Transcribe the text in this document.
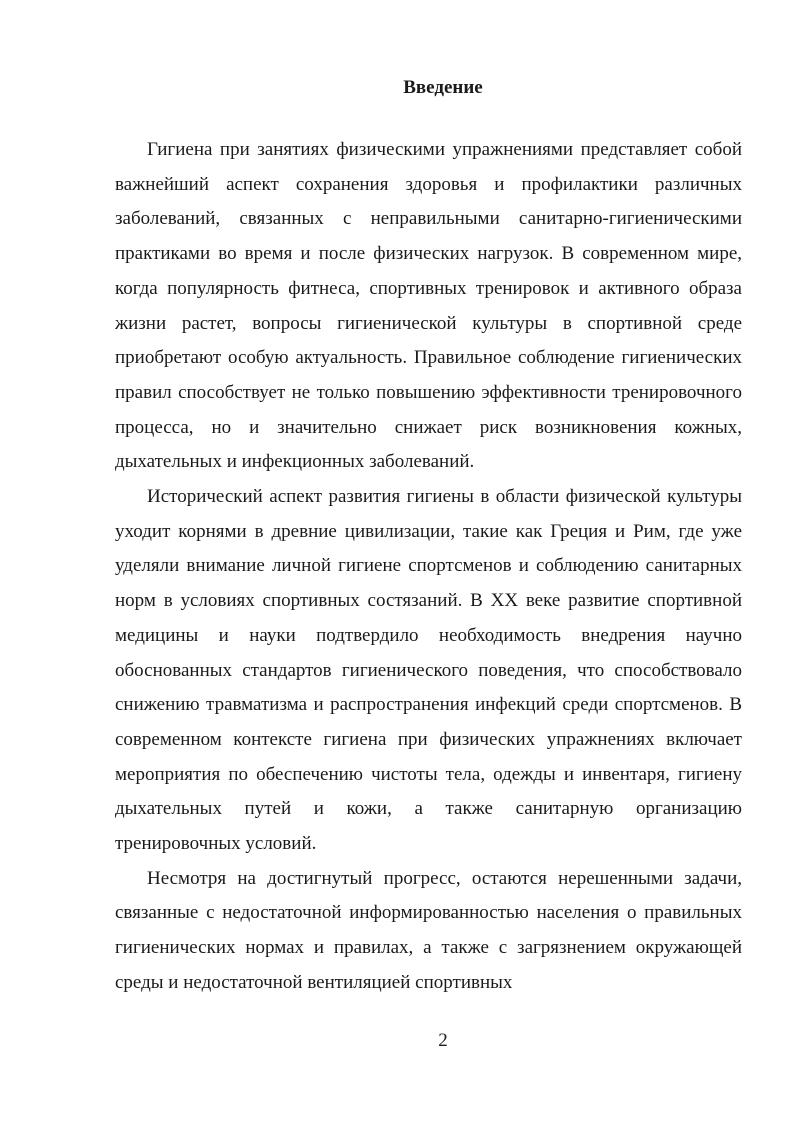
Введение

Гигиена при занятиях физическими упражнениями представляет собой важнейший аспект сохранения здоровья и профилактики различных заболеваний, связанных с неправильными санитарно-гигиеническими практиками во время и после физических нагрузок. В современном мире, когда популярность фитнеса, спортивных тренировок и активного образа жизни растет, вопросы гигиенической культуры в спортивной среде приобретают особую актуальность. Правильное соблюдение гигиенических правил способствует не только повышению эффективности тренировочного процесса, но и значительно снижает риск возникновения кожных, дыхательных и инфекционных заболеваний.

Исторический аспект развития гигиены в области физической культуры уходит корнями в древние цивилизации, такие как Греция и Рим, где уже уделяли внимание личной гигиене спортсменов и соблюдению санитарных норм в условиях спортивных состязаний. В XX веке развитие спортивной медицины и науки подтвердило необходимость внедрения научно обоснованных стандартов гигиенического поведения, что способствовало снижению травматизма и распространения инфекций среди спортсменов. В современном контексте гигиена при физических упражнениях включает мероприятия по обеспечению чистоты тела, одежды и инвентаря, гигиену дыхательных путей и кожи, а также санитарную организацию тренировочных условий.

Несмотря на достигнутый прогресс, остаются нерешенными задачи, связанные с недостаточной информированностью населения о правильных гигиенических нормах и правилах, а также с загрязнением окружающей среды и недостаточной вентиляцией спортивных

2
